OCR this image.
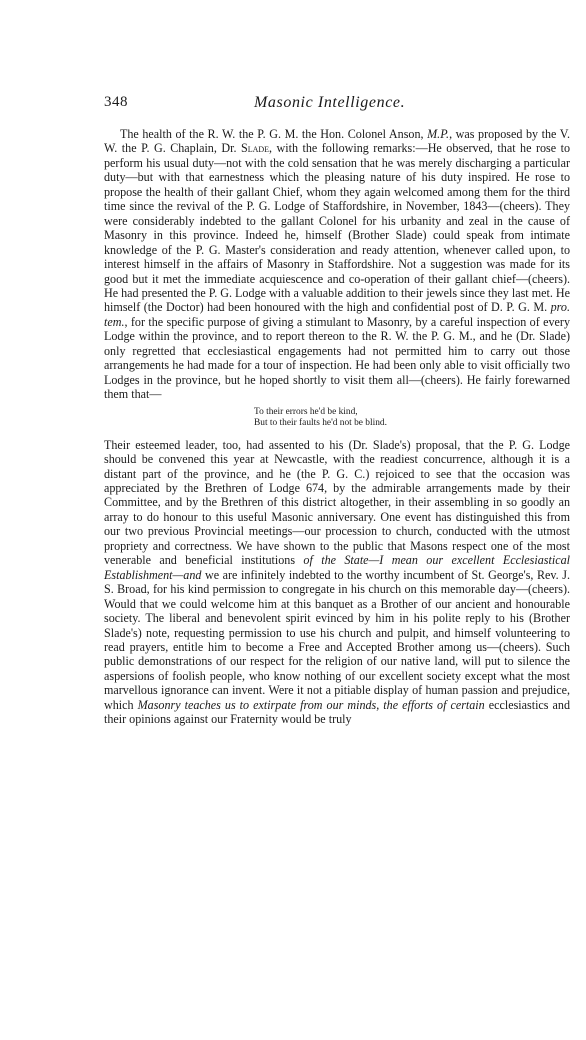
348	Masonic Intelligence.

The health of the R. W. the P. G. M. the Hon. Colonel Anson, M.P., was proposed by the V. W. the P. G. Chaplain, Dr. Slade, with the following remarks:—He observed, that he rose to perform his usual duty—not with the cold sensation that he was merely discharging a particular duty—but with that earnestness which the pleasing nature of his duty inspired. He rose to propose the health of their gallant Chief, whom they again welcomed among them for the third time since the revival of the P. G. Lodge of Staffordshire, in November, 1843—(cheers). They were considerably indebted to the gallant Colonel for his urbanity and zeal in the cause of Masonry in this province. Indeed he, himself (Brother Slade) could speak from intimate knowledge of the P. G. Master's consideration and ready attention, whenever called upon, to interest himself in the affairs of Masonry in Staffordshire. Not a suggestion was made for its good but it met the immediate acquiescence and co-operation of their gallant chief—(cheers). He had presented the P. G. Lodge with a valuable addition to their jewels since they last met. He himself (the Doctor) had been honoured with the high and confidential post of D. P. G. M. pro. tem., for the specific purpose of giving a stimulant to Masonry, by a careful inspection of every Lodge within the province, and to report thereon to the R. W. the P. G. M., and he (Dr. Slade) only regretted that ecclesiastical engagements had not permitted him to carry out those arrangements he had made for a tour of inspection. He had been only able to visit officially two Lodges in the province, but he hoped shortly to visit them all—(cheers). He fairly forewarned them that—

To their errors he'd be kind,
But to their faults he'd not be blind.

Their esteemed leader, too, had assented to his (Dr. Slade's) proposal, that the P. G. Lodge should be convened this year at Newcastle, with the readiest concurrence, although it is a distant part of the province, and he (the P. G. C.) rejoiced to see that the occasion was appreciated by the Brethren of Lodge 674, by the admirable arrangements made by their Committee, and by the Brethren of this district altogether, in their assembling in so goodly an array to do honour to this useful Masonic anniversary. One event has distinguished this from our two previous Provincial meetings—our procession to church, conducted with the utmost propriety and correctness. We have shown to the public that Masons respect one of the most venerable and beneficial institutions of the State—I mean our excellent Ecclesiastical Establishment—and we are infinitely indebted to the worthy incumbent of St. George's, Rev. J. S. Broad, for his kind permission to congregate in his church on this memorable day—(cheers). Would that we could welcome him at this banquet as a Brother of our ancient and honourable society. The liberal and benevolent spirit evinced by him in his polite reply to his (Brother Slade's) note, requesting permission to use his church and pulpit, and himself volunteering to read prayers, entitle him to become a Free and Accepted Brother among us—(cheers). Such public demonstrations of our respect for the religion of our native land, will put to silence the aspersions of foolish people, who know nothing of our excellent society except what the most marvellous ignorance can invent. Were it not a pitiable display of human passion and prejudice, which Masonry teaches us to extirpate from our minds, the efforts of certain ecclesiastics and their opinions against our Fraternity would be truly
